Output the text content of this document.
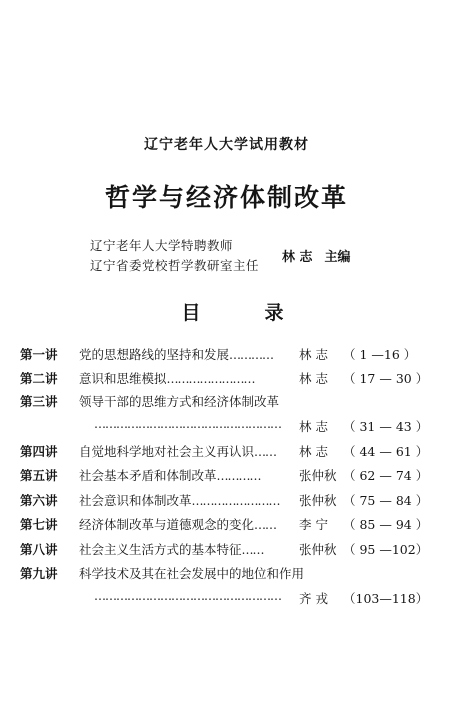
辽宁老年人大学试用教材
哲学与经济体制改革
辽宁老年人大学特聘教师
辽宁省委党校哲学教研室主任
林 志 主编
目	录
第一讲 党的思想路线的坚持和发展………… 林 志 （ 1 —16 ）
第二讲 意识和思维模拟……………………	林 志 （ 17 — 30 ）
第三讲 领导干部的思维方式和经济体制改革
…………………………………………… 林 志 （ 31 — 43 ）
第四讲 自觉地科学地对社会主义再认识…… 林 志 （ 44 — 61 ）
第五讲 社会基本矛盾和体制改革…………	张仲秋 （ 62 — 74 ）
第六讲 社会意识和体制改革…………………… 张仲秋 （ 75 — 84 ）
第七讲 经济体制改革与道德观念的变化…… 李 宁 （ 85 — 94 ）
第八讲 社会主义生活方式的基本特征……	张仲秋 （ 95 —102）
第九讲 科学技术及其在社会发展中的地位和作用
…………………………………………… 齐 戎 （103—118）
